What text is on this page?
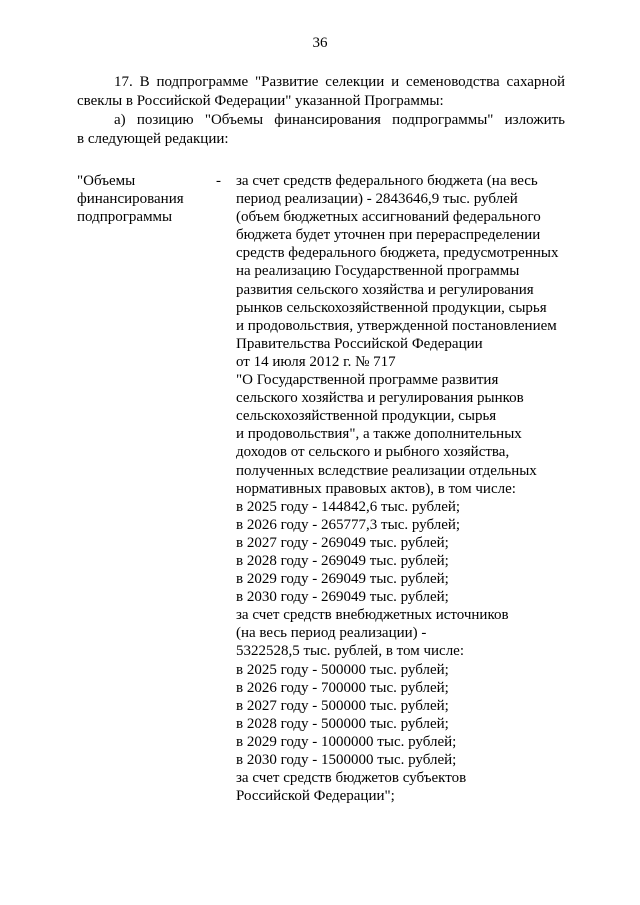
36

17. В подпрограмме "Развитие селекции и семеноводства сахарной свеклы в Российской Федерации" указанной Программы:

а) позицию "Объемы финансирования подпрограммы" изложить

в следующей редакции:

"Объемы
финансирования
подпрограммы
- за счет средств федерального бюджета (на весь
период реализации) - 2843646,9 тыс. рублей
(объем бюджетных ассигнований федерального
бюджета будет уточнен при перераспределении
средств федерального бюджета, предусмотренных
на реализацию Государственной программы
развития сельского хозяйства и регулирования
рынков сельскохозяйственной продукции, сырья
и продовольствия, утвержденной постановлением
Правительства Российской Федерации
от 14 июля 2012 г. № 717
"О Государственной программе развития
сельского хозяйства и регулирования рынков
сельскохозяйственной продукции, сырья
и продовольствия", а также дополнительных
доходов от сельского и рыбного хозяйства,
полученных вследствие реализации отдельных
нормативных правовых актов), в том числе:
в 2025 году - 144842,6 тыс. рублей;
в 2026 году - 265777,3 тыс. рублей;
в 2027 году - 269049 тыс. рублей;
в 2028 году - 269049 тыс. рублей;
в 2029 году - 269049 тыс. рублей;
в 2030 году - 269049 тыс. рублей;
за счет средств внебюджетных источников
(на весь период реализации) -
5322528,5 тыс. рублей, в том числе:
в 2025 году - 500000 тыс. рублей;
в 2026 году - 700000 тыс. рублей;
в 2027 году - 500000 тыс. рублей;
в 2028 году - 500000 тыс. рублей;
в 2029 году - 1000000 тыс. рублей;
в 2030 году - 1500000 тыс. рублей;
за счет средств бюджетов субъектов
Российской Федерации";
